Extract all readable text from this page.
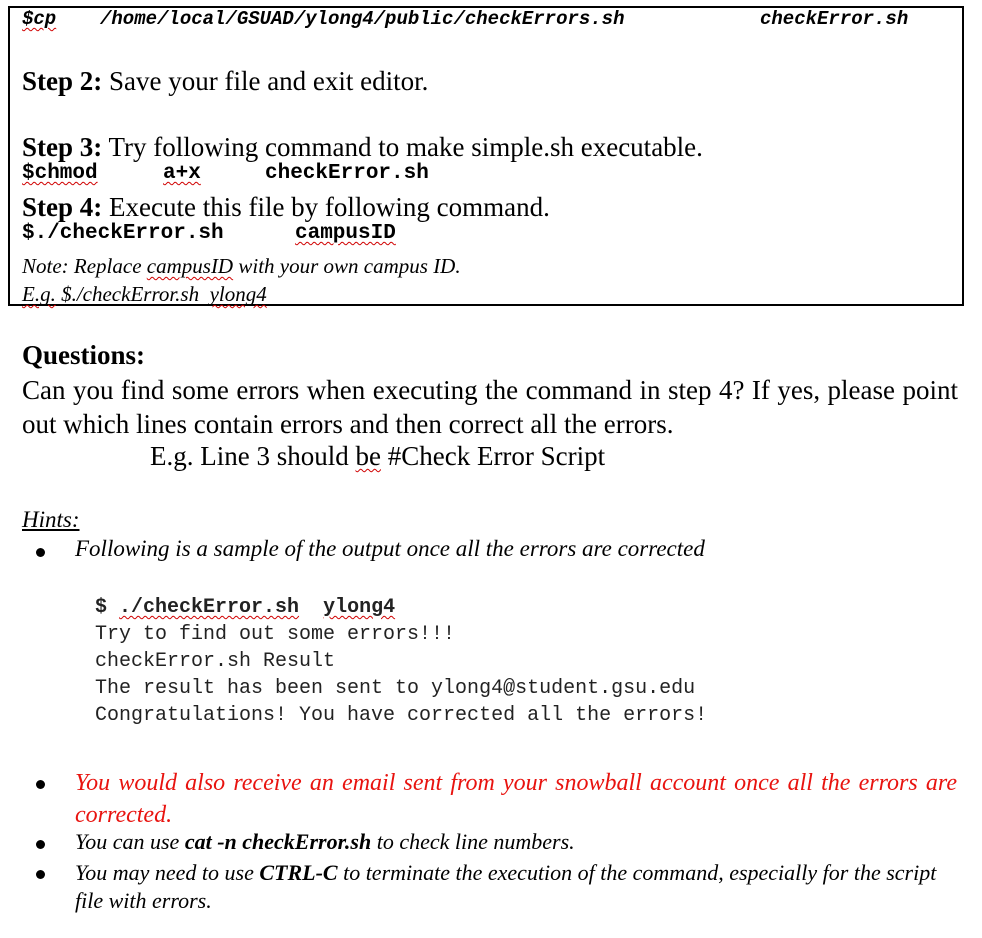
$cp /home/local/GSUAD/ylong4/public/checkErrors.sh	checkError.sh
Step 2: Save your file and exit editor.
Step 3: Try following command to make simple.sh executable.
$chmod	a+x	checkError.sh
Step 4: Execute this file by following command.
$./checkError.sh	campusID
Note: Replace campusID with your own campus ID.
E.g. $./checkError.sh ylong4
Questions:
Can you find some errors when executing the command in step 4? If yes, please point out which lines contain errors and then correct all the errors.
E.g. Line 3 should be #Check Error Script
Hints:
Following is a sample of the output once all the errors are corrected
$ ./checkError.sh ylong4
Try to find out some errors!!!
checkError.sh Result
The result has been sent to ylong4@student.gsu.edu
Congratulations! You have corrected all the errors!
You would also receive an email sent from your snowball account once all the errors are corrected.
You can use cat -n checkError.sh to check line numbers.
You may need to use CTRL-C to terminate the execution of the command, especially for the script file with errors.
